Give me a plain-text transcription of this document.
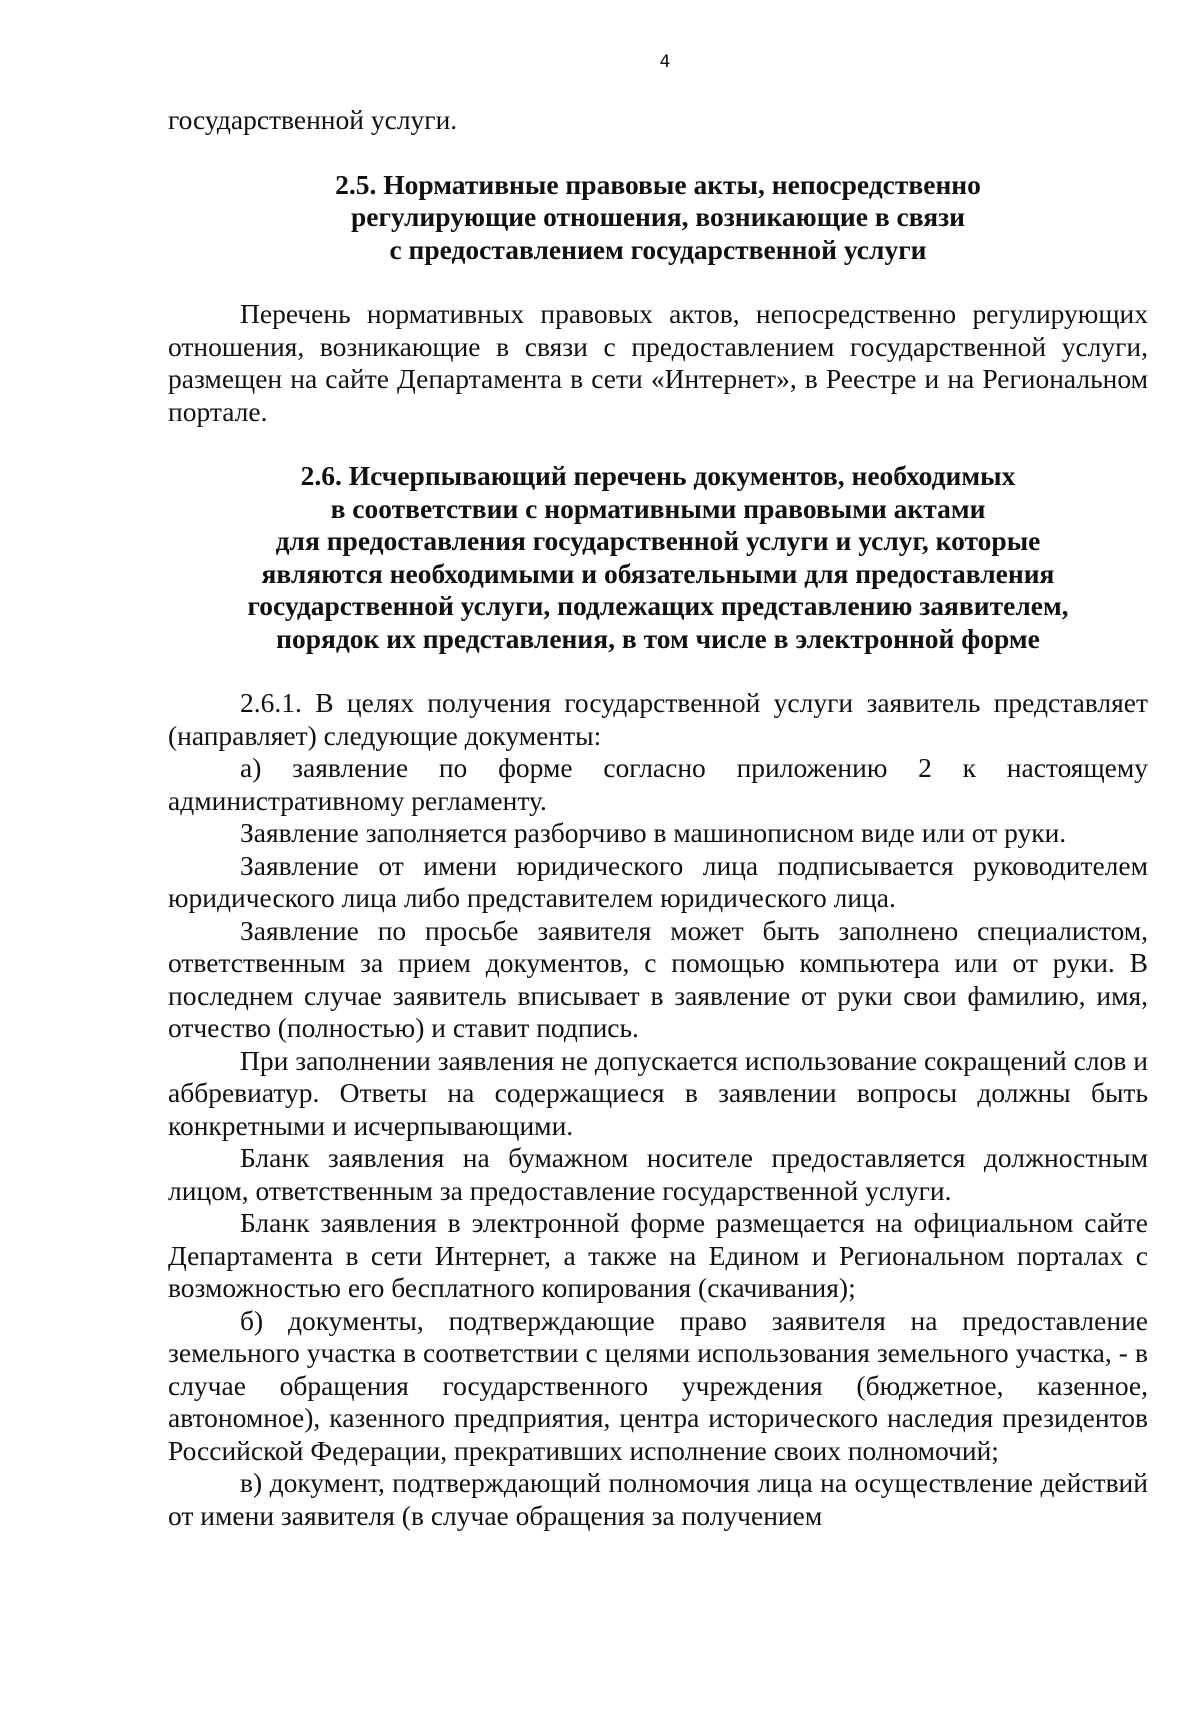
4

государственной услуги.

2.5. Нормативные правовые акты, непосредственно
регулирующие отношения, возникающие в связи
с предоставлением государственной услуги

Перечень нормативных правовых актов, непосредственно регулирующих отношения, возникающие в связи с предоставлением государственной услуги, размещен на сайте Департамента в сети «Интернет», в Реестре и на Региональном портале.

2.6. Исчерпывающий перечень документов, необходимых
в соответствии с нормативными правовыми актами
для предоставления государственной услуги и услуг, которые
являются необходимыми и обязательными для предоставления
государственной услуги, подлежащих представлению заявителем,
порядок их представления, в том числе в электронной форме

2.6.1. В целях получения государственной услуги заявитель представляет (направляет) следующие документы:

а) заявление по форме согласно приложению 2 к настоящему административному регламенту.

Заявление заполняется разборчиво в машинописном виде или от руки.

Заявление от имени юридического лица подписывается руководителем юридического лица либо представителем юридического лица.

Заявление по просьбе заявителя может быть заполнено специалистом, ответственным за прием документов, с помощью компьютера или от руки. В последнем случае заявитель вписывает в заявление от руки свои фамилию, имя, отчество (полностью) и ставит подпись.

При заполнении заявления не допускается использование сокращений слов и аббревиатур. Ответы на содержащиеся в заявлении вопросы должны быть конкретными и исчерпывающими.

Бланк заявления на бумажном носителе предоставляется должностным лицом, ответственным за предоставление государственной услуги.

Бланк заявления в электронной форме размещается на официальном сайте Департамента в сети Интернет, а также на Едином и Региональном порталах с возможностью его бесплатного копирования (скачивания);

б) документы, подтверждающие право заявителя на предоставление земельного участка в соответствии с целями использования земельного участка, - в случае обращения государственного учреждения (бюджетное, казенное, автономное), казенного предприятия, центра исторического наследия президентов Российской Федерации, прекративших исполнение своих полномочий;

в) документ, подтверждающий полномочия лица на осуществление действий от имени заявителя (в случае обращения за получением
